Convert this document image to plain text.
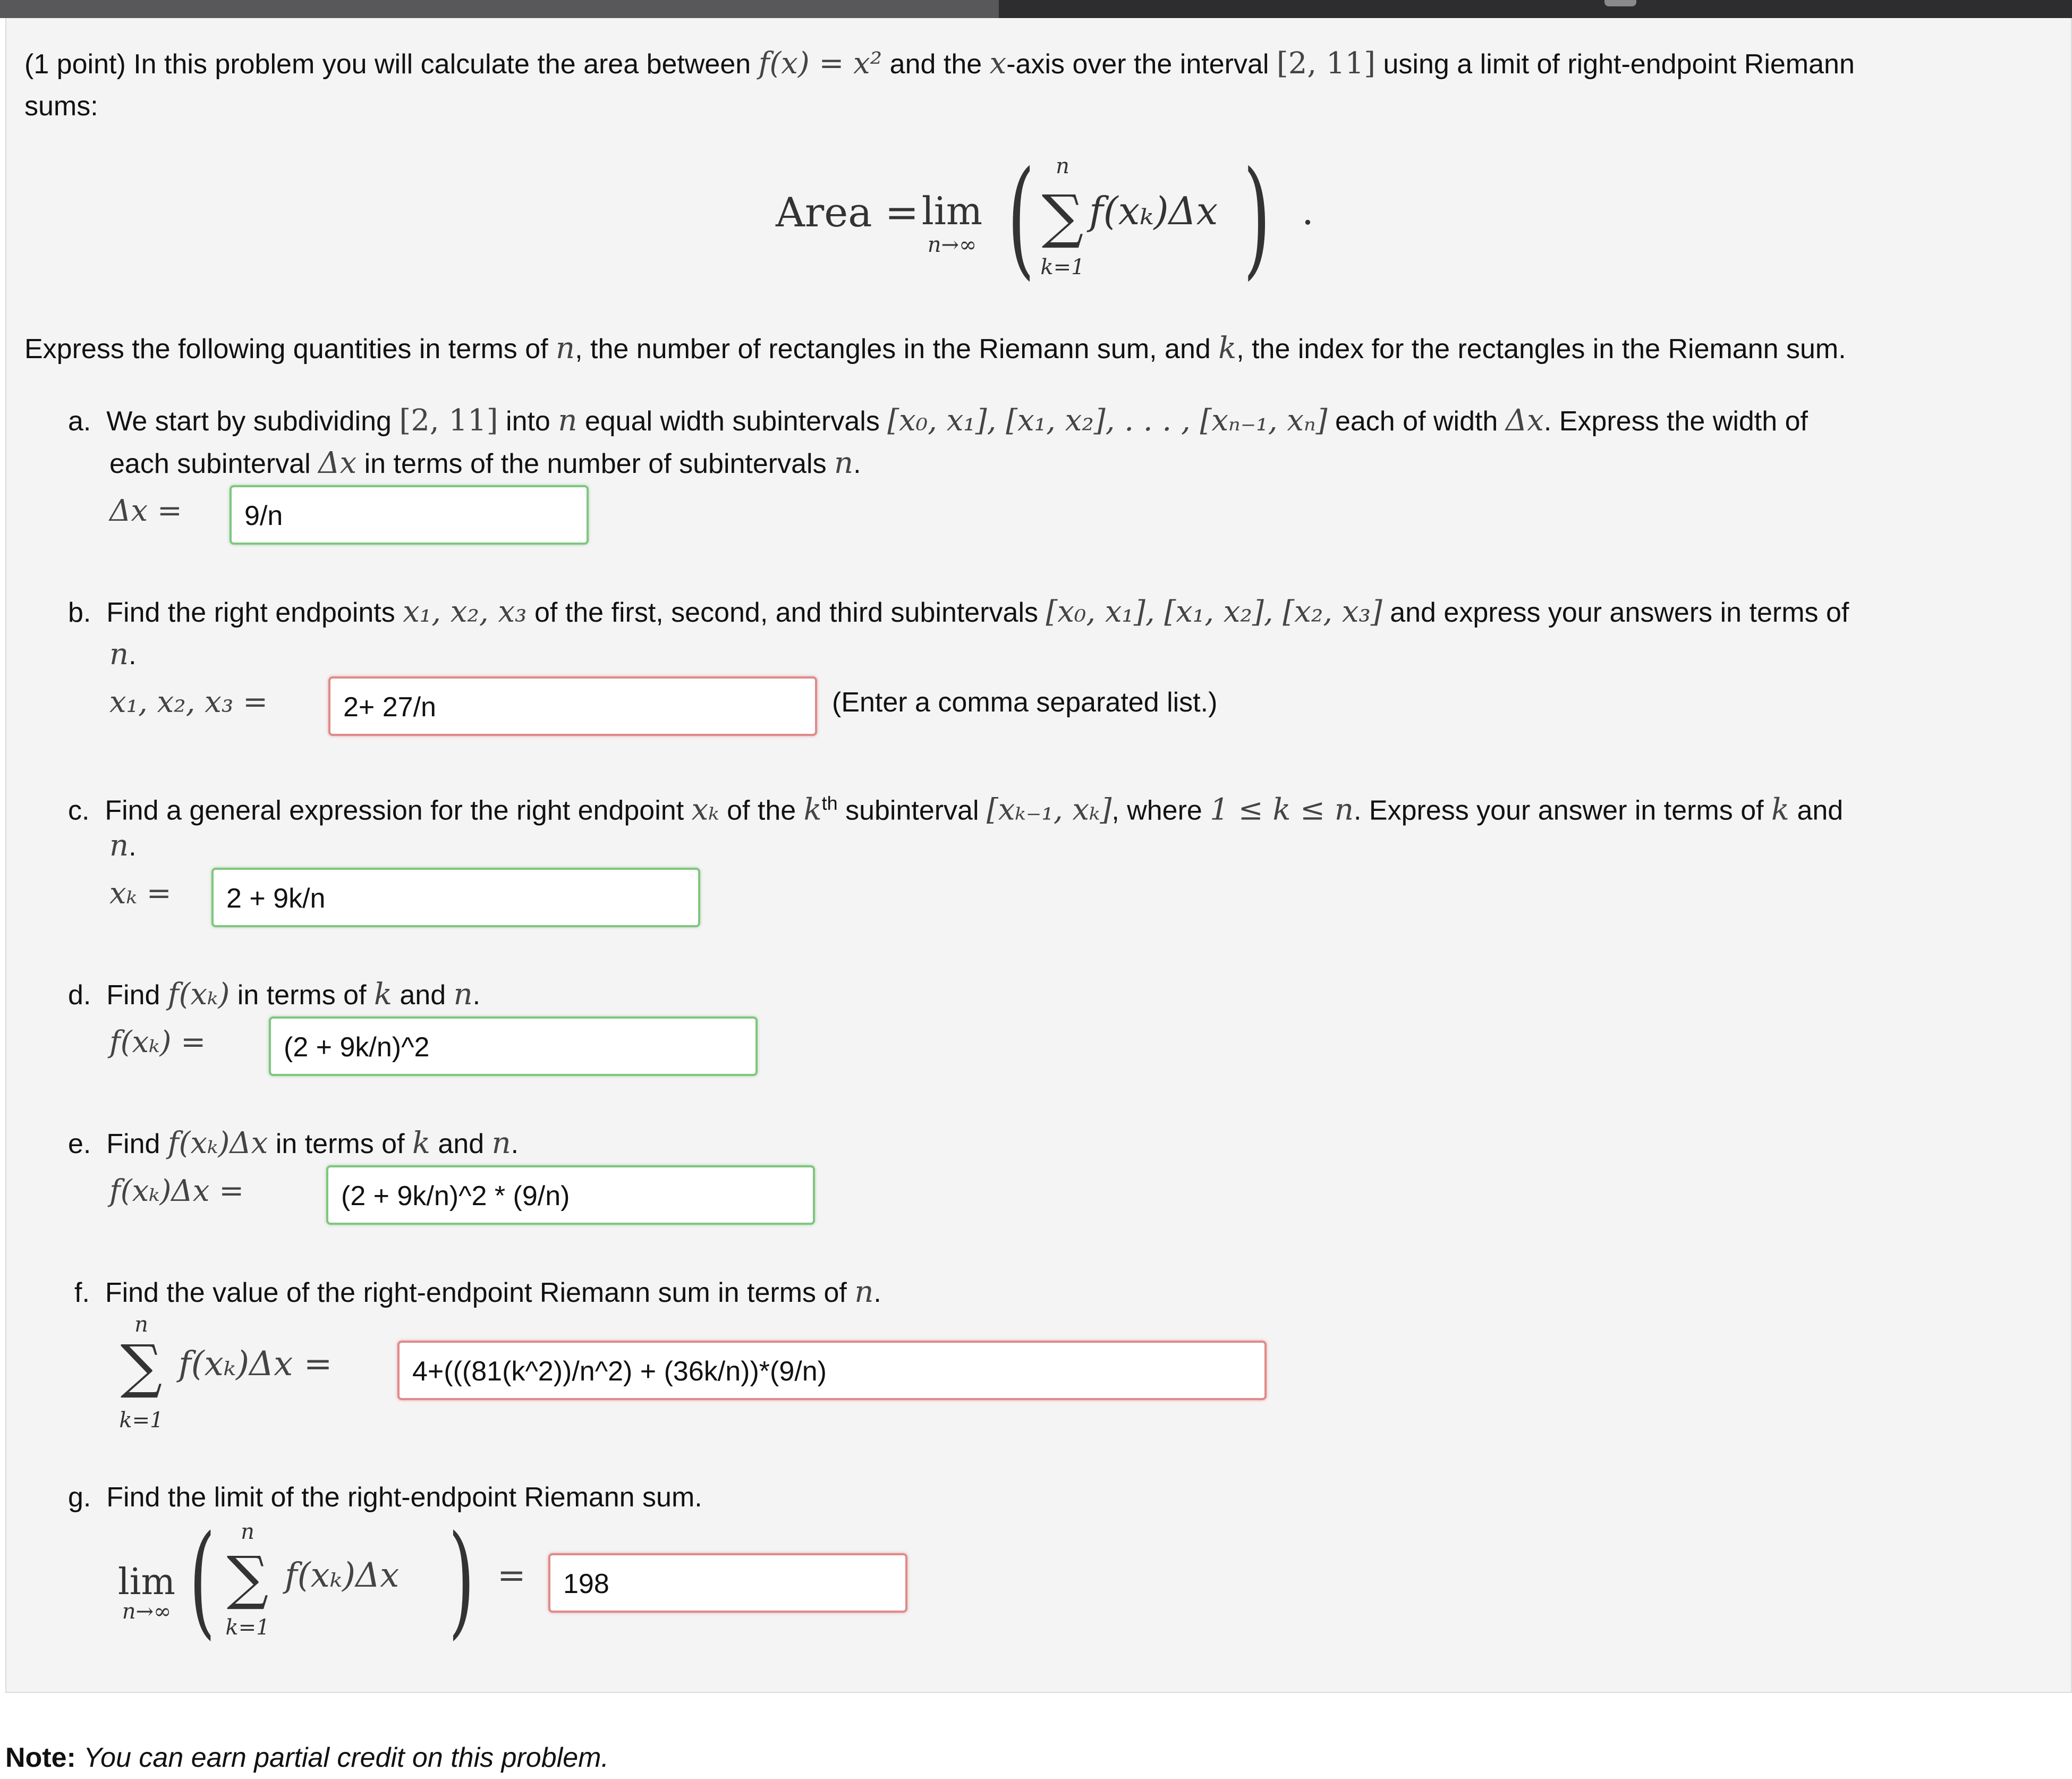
(1 point) In this problem you will calculate the area between f(x) = x² and the x-axis over the interval [2, 11] using a limit of right-endpoint Riemann
sums:
Area = lim
n→∞ ( n
∑
k=1
f(xₖ)Δx ) .
Express the following quantities in terms of n, the number of rectangles in the Riemann sum, and k, the index for the rectangles in the Riemann sum.
a. We start by subdividing [2, 11] into n equal width subintervals [x₀, x₁], [x₁, x₂], . . . , [xₙ₋₁, xₙ] each of width Δx. Express the width of
each subinterval Δx in terms of the number of subintervals n.
Δx =	9/n
b. Find the right endpoints x₁, x₂, x₃ of the first, second, and third subintervals [x₀, x₁], [x₁, x₂], [x₂, x₃] and express your answers in terms of
n.
x₁, x₂, x₃ =	2+ 27/n	(Enter a comma separated list.)
c. Find a general expression for the right endpoint xₖ of the $k^{th}$ subinterval [xₖ₋₁, xₖ], where 1 ≤ k ≤ n. Express your answer in terms of k and
n.
xₖ =	2 + 9k/n
d. Find f(xₖ) in terms of k and n.
f(xₖ) =	(2 + 9k/n)^2
e. Find f(xₖ)Δx in terms of k and n.
f(xₖ)Δx =	(2 + 9k/n)^2 * (9/n)
f. Find the value of the right-endpoint Riemann sum in terms of n.
n
∑
k=1
f(xₖ)Δx =	4+(((81(k^2))/n^2) + (36k/n))*(9/n)
g. Find the limit of the right-endpoint Riemann sum.
lim
n→∞ (	n
∑
k=1
f(xₖ)Δx ) =	198
Note: You can earn partial credit on this problem.
